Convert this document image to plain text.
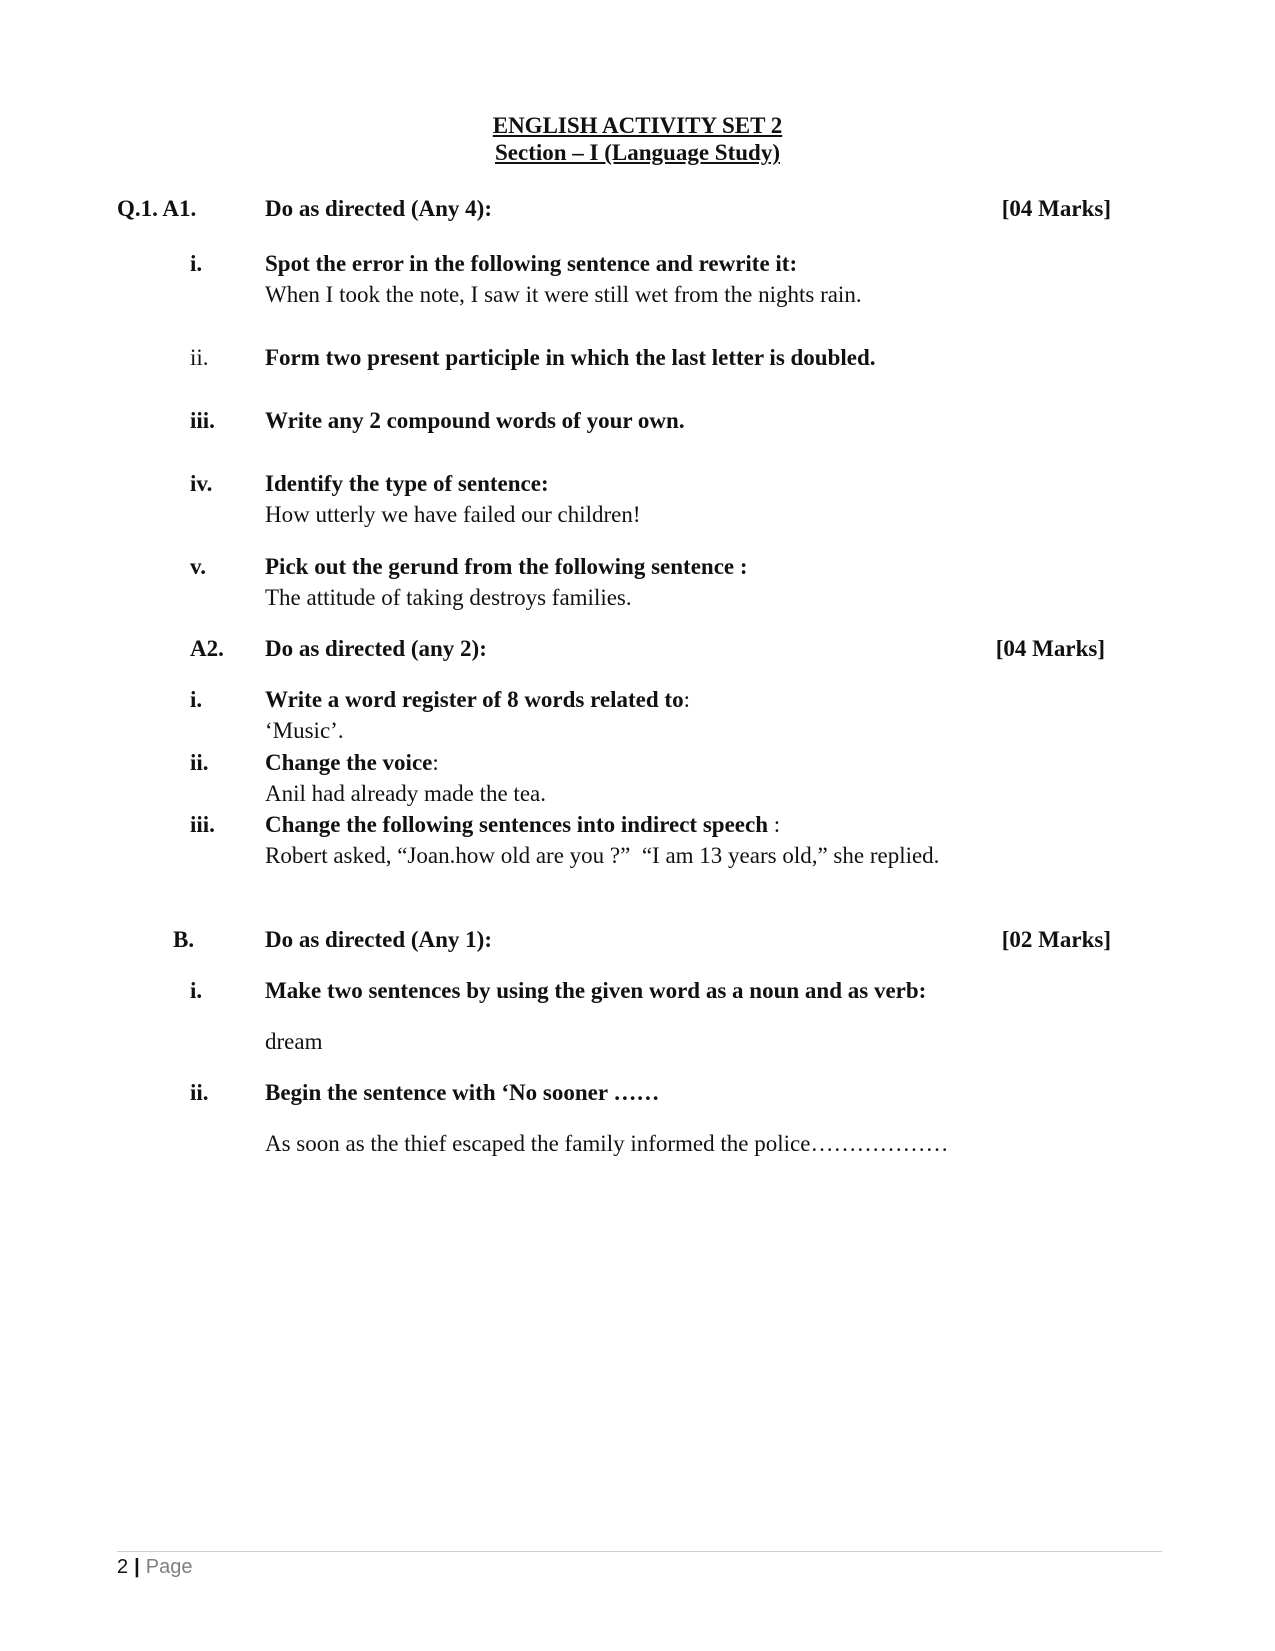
ENGLISH ACTIVITY SET 2
Section – I (Language Study)
Q.1. A1.	Do as directed (Any 4):	[04 Marks]
i.	Spot the error in the following sentence and rewrite it:
When I took the note, I saw it were still wet from the nights rain.
ii. Form two present participle in which the last letter is doubled.
iii. Write any 2 compound words of your own.
iv. Identify the type of sentence:
How utterly we have failed our children!
v.	Pick out the gerund from the following sentence :
The attitude of taking destroys families.
A2. Do as directed (any 2):	[04 Marks]
i.	Write a word register of 8 words related to:
‘Music’.
ii. Change the voice:
Anil had already made the tea.
iii. Change the following sentences into indirect speech :
Robert asked, “Joan.how old are you ?”  “I am 13 years old,” she replied.
B.	Do as directed (Any 1):	[02 Marks]
i.	Make two sentences by using the given word as a noun and as verb:
dream
ii. Begin the sentence with ‘No sooner ……
As soon as the thief escaped the family informed the police………………
2 | Page
